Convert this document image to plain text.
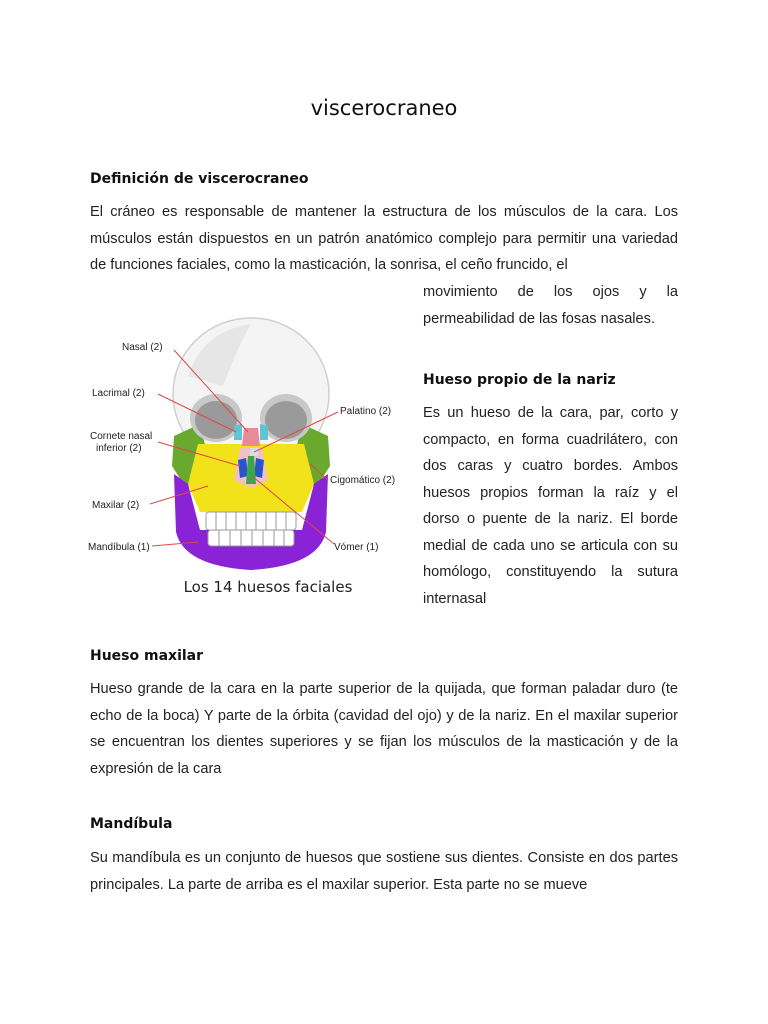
viscerocraneo
Definición de viscerocraneo
El cráneo es responsable de mantener la estructura de los músculos de la cara. Los músculos están dispuestos en un patrón anatómico complejo para permitir una variedad de funciones faciales, como la masticación, la sonrisa, el ceño fruncido, el
movimiento de los ojos y la permeabilidad de las fosas nasales.
Nasal (2)
Lacrimal (2)
Cornete nasal
inferior (2)
Maxilar (2)
Mandíbula (1)
Palatino (2)
Cigomático (2)
Vómer (1)
Los 14 huesos faciales
Hueso propio de la nariz
Es un hueso de la cara, par, corto y compacto, en forma cuadrilátero, con dos caras y cuatro bordes. Ambos huesos propios forman la raíz y el dorso o puente de la nariz. El borde medial de cada uno se articula con su homólogo, constituyendo la sutura internasal
Hueso maxilar
Hueso grande de la cara en la parte superior de la quijada, que forman paladar duro (te echo de la boca) Y parte de la órbita (cavidad del ojo) y de la nariz. En el maxilar superior se encuentran los dientes superiores y se fijan los músculos de la masticación y de la expresión de la cara
Mandíbula
Su mandíbula es un conjunto de huesos que sostiene sus dientes. Consiste en dos partes principales. La parte de arriba es el maxilar superior. Esta parte no se mueve
